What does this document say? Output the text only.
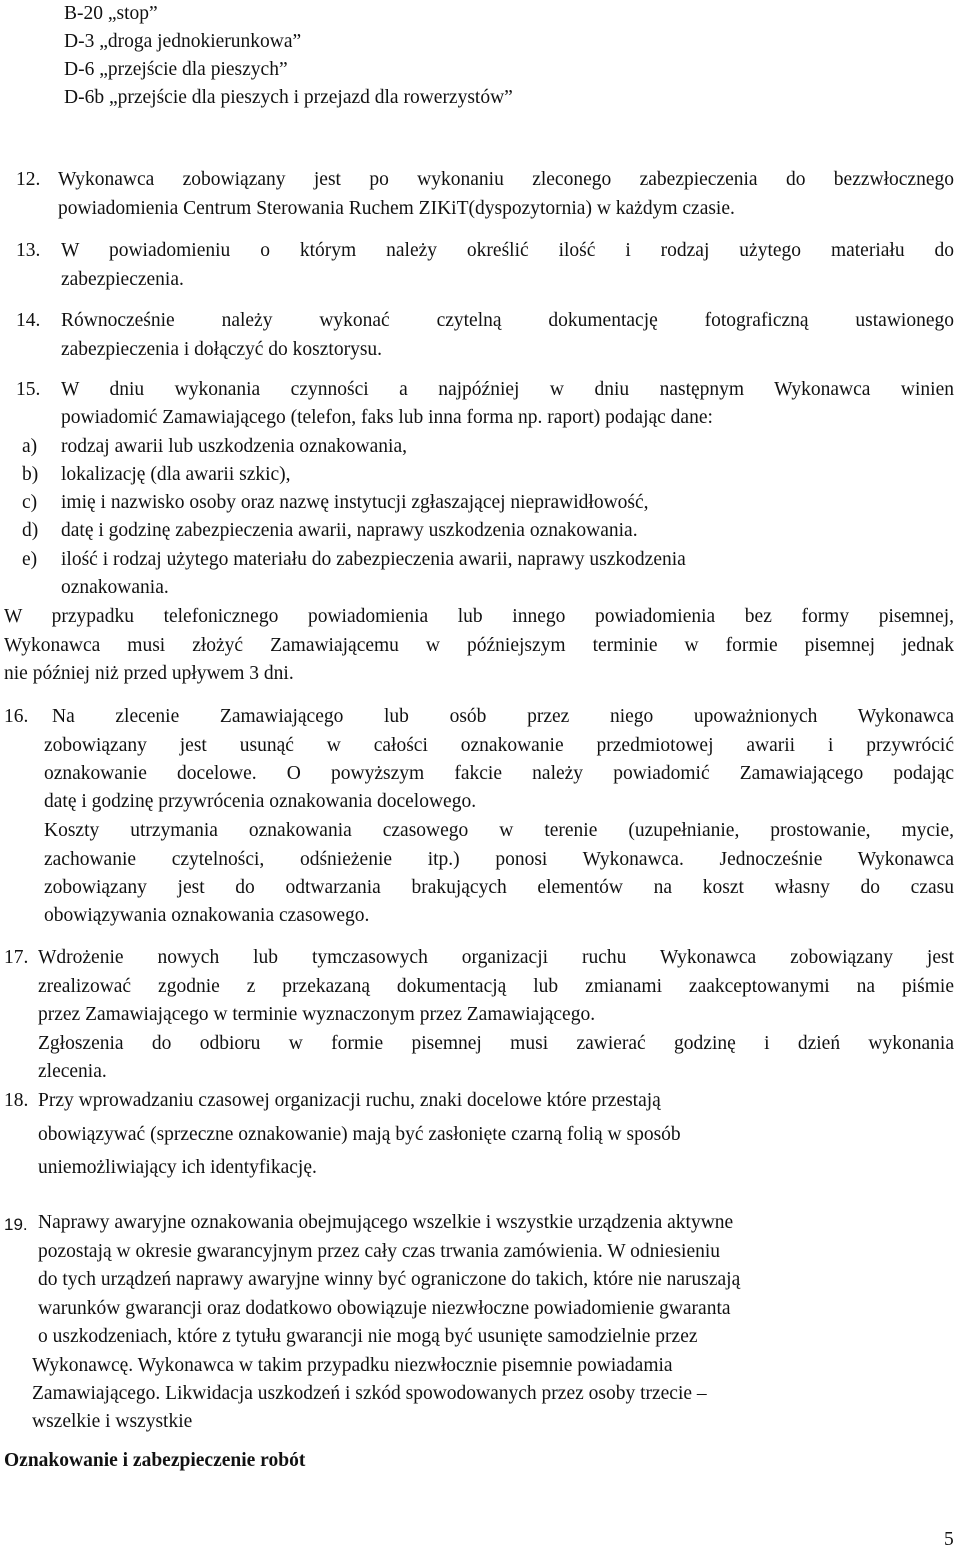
B-20 „stop”
D-3 „droga jednokierunkowa”
D-6 „przejście dla pieszych”
D-6b „przejście dla pieszych i przejazd dla rowerzystów”
12. Wykonawca zobowiązany jest po wykonaniu zleconego zabezpieczenia do bezzwłocznego
powiadomienia Centrum Sterowania Ruchem ZIKiT(dyspozytornia) w każdym czasie.
13. W powiadomieniu o którym należy określić ilość i rodzaj użytego materiału do
zabezpieczenia.
14. Równocześnie należy wykonać czytelną dokumentację fotograficzną ustawionego
zabezpieczenia i dołączyć do kosztorysu.
15. W dniu wykonania czynności a najpóźniej w dniu następnym Wykonawca winien
powiadomić Zamawiającego (telefon, faks lub inna forma np. raport) podając dane:
a) rodzaj awarii lub uszkodzenia oznakowania,
b) lokalizację (dla awarii szkic),
c) imię i nazwisko osoby oraz nazwę instytucji zgłaszającej nieprawidłowość,
d) datę i godzinę zabezpieczenia awarii, naprawy uszkodzenia oznakowania.
e) ilość i rodzaj użytego materiału do zabezpieczenia awarii, naprawy uszkodzenia
oznakowania.
W przypadku telefonicznego powiadomienia lub innego powiadomienia bez formy pisemnej,
Wykonawca musi złożyć Zamawiającemu w późniejszym terminie w formie pisemnej jednak
nie później niż przed upływem 3 dni.
16. Na zlecenie Zamawiającego lub osób przez niego upoważnionych Wykonawca
zobowiązany jest usunąć w całości oznakowanie przedmiotowej awarii i przywrócić
oznakowanie docelowe. O powyższym fakcie należy powiadomić Zamawiającego podając
datę i godzinę przywrócenia oznakowania docelowego.
Koszty utrzymania oznakowania czasowego w terenie (uzupełnianie, prostowanie, mycie,
zachowanie czytelności, odśnieżenie itp.) ponosi Wykonawca. Jednocześnie Wykonawca
zobowiązany jest do odtwarzania brakujących elementów na koszt własny do czasu
obowiązywania oznakowania czasowego.
17. Wdrożenie nowych lub tymczasowych organizacji ruchu Wykonawca zobowiązany jest
zrealizować zgodnie z przekazaną dokumentacją lub zmianami zaakceptowanymi na piśmie
przez Zamawiającego w terminie wyznaczonym przez Zamawiającego.
Zgłoszenia do odbioru w formie pisemnej musi zawierać godzinę i dzień wykonania
zlecenia.
18. Przy wprowadzaniu czasowej organizacji ruchu, znaki docelowe które przestają
obowiązywać (sprzeczne oznakowanie) mają być zasłonięte czarną folią w sposób
uniemożliwiający ich identyfikację.
19. Naprawy awaryjne oznakowania obejmującego wszelkie i wszystkie urządzenia aktywne
pozostają w okresie gwarancyjnym przez cały czas trwania zamówienia. W odniesieniu
do tych urządzeń naprawy awaryjne winny być ograniczone do takich, które nie naruszają
warunków gwarancji oraz dodatkowo obowiązuje niezwłoczne powiadomienie gwaranta
o uszkodzeniach, które z tytułu gwarancji nie mogą być usunięte samodzielnie przez
Wykonawcę. Wykonawca w takim przypadku niezwłocznie pisemnie powiadamia
Zamawiającego. Likwidacja uszkodzeń i szkód spowodowanych przez osoby trzecie –
wszelkie i wszystkie
Oznakowanie i zabezpieczenie robót
5
